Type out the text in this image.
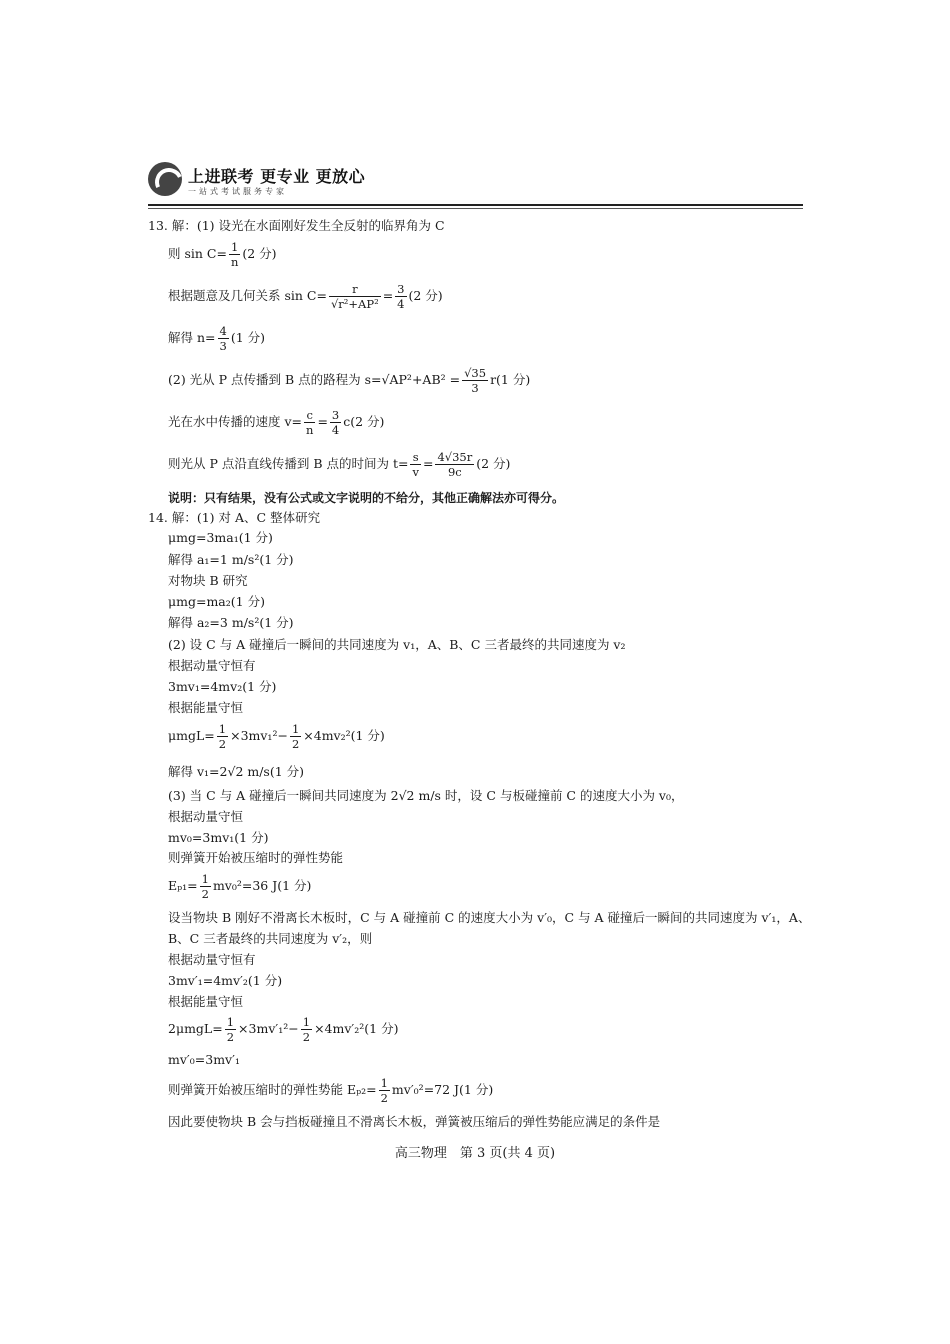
上进联考 更专业 更放心
一站式考试服务专家
13. 解：(1) 设光在水面刚好发生全反射的临界角为 C
则 $\sin C= \frac{1}{n} (2$ 分)
根据题意及几何关系 $\sin C= \frac{r}{\text{√r²+AP²}} = \frac{3}{4} (2$ 分)
解得 $n= \frac{4}{3} (1$ 分)
(2) 光从 P 点传播到 B 点的路程为 $s=√AP^2+AB^2 = \frac{√35}{3} r(1$ 分)
光在水中传播的速度 $v= \frac{c}{n} = \frac{3}{4} c(2$ 分)
则光从 P 点沿直线传播到 B 点的时间为 $t= \frac{s}{v} = \frac{4√35r}{9c} (2$ 分)
说明：只有结果，没有公式或文字说明的不给分，其他正确解法亦可得分。
14. 解：(1) 对 A、C 整体研究
μmg=3ma₁(1 分)
解得 a₁=1 m/s²(1 分)
对物块 B 研究
μmg=ma₂(1 分)
解得 a₂=3 m/s²(1 分)
(2) 设 C 与 A 碰撞后一瞬间的共同速度为 v₁，A、B、C 三者最终的共同速度为 v₂
根据动量守恒有
3mv₁=4mv₂(1 分)
根据能量守恒
$\mu mgL= \frac{1}{2} \times 3mv_1^2- \frac{1}{2} \times 4mv_2^2(1$ 分)
解得 v₁=2√2 m/s(1 分)
(3) 当 C 与 A 碰撞后一瞬间共同速度为 2√2 m/s 时，设 C 与板碰撞前 C 的速度大小为 v₀，
根据动量守恒
mv₀=3mv₁(1 分)
则弹簧开始被压缩时的弹性势能
$E_{p1}= \frac{1}{2} mv_0^2=36$ J(1 分)
设当物块 B 刚好不滑离长木板时，C 与 A 碰撞前 C 的速度大小为 v′₀，C 与 A 碰撞后一瞬间的共同速度为 v′₁，A、
B、C 三者最终的共同速度为 v′₂，则
根据动量守恒有
3mv′₁=4mv′₂(1 分)
根据能量守恒
$2\mu mgL= \frac{1}{2} \times 3mv'_1^2- \frac{1}{2} \times 4mv'_2^2(1$ 分)
mv′₀=3mv′₁
则弹簧开始被压缩时的弹性势能 $E_{p2}= \frac{1}{2} mv'_0^2=72$ J(1 分)
因此要使物块 B 会与挡板碰撞且不滑离长木板，弹簧被压缩后的弹性势能应满足的条件是
高三物理　第 3 页(共 4 页)
